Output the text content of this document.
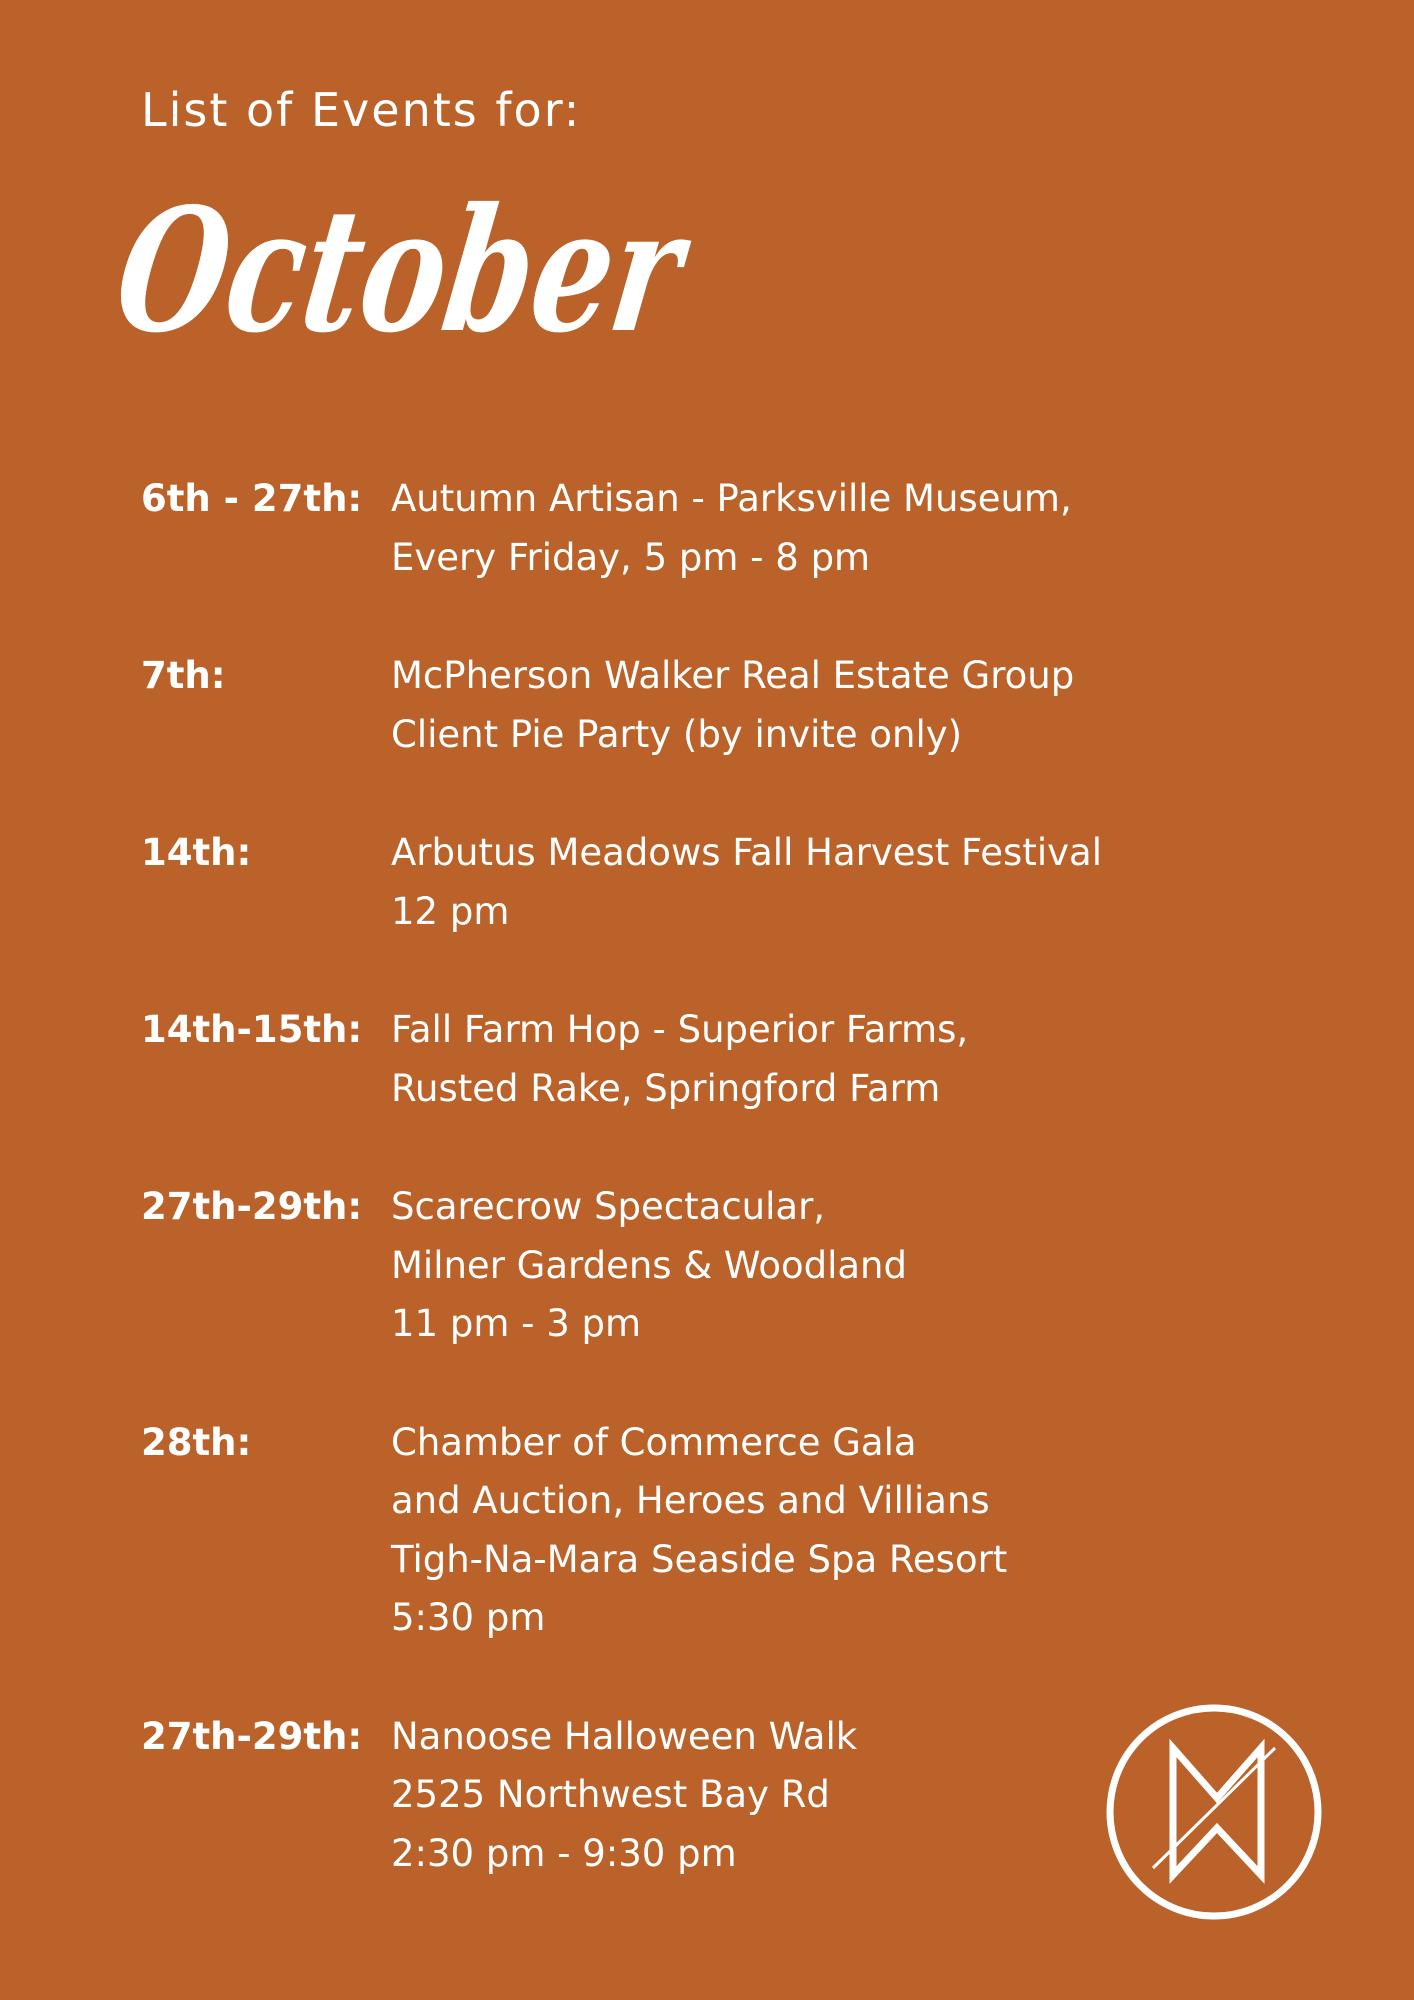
List of Events for:
October
6th - 27th: Autumn Artisan - Parksville Museum,
Every Friday, 5 pm - 8 pm
7th:	McPherson Walker Real Estate Group
Client Pie Party (by invite only)
14th:	Arbutus Meadows Fall Harvest Festival
12 pm
14th-15th: Fall Farm Hop - Superior Farms,
Rusted Rake, Springford Farm
27th-29th: Scarecrow Spectacular,
Milner Gardens & Woodland
11 pm - 3 pm
28th:	Chamber of Commerce Gala
and Auction, Heroes and Villians
Tigh-Na-Mara Seaside Spa Resort
5:30 pm
27th-29th: Nanoose Halloween Walk
2525 Northwest Bay Rd
2:30 pm - 9:30 pm
